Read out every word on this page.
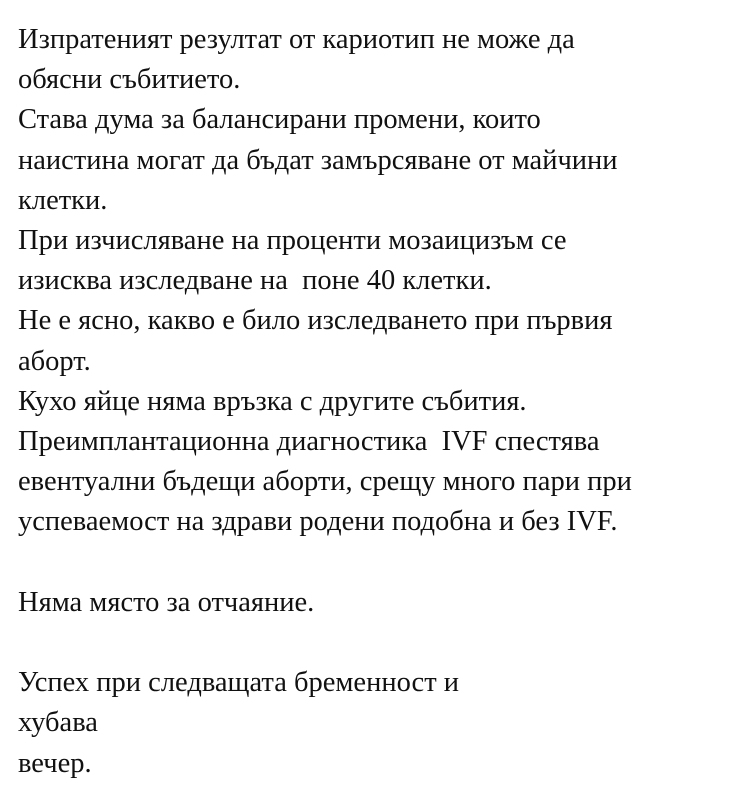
Изпратеният резултат от кариотип не може да
обясни събитието.
Става дума за балансирани промени, които
наистина могат да бъдат замърсяване от майчини
клетки.
При изчисляване на проценти мозаицизъм се
изисква изследване на  поне 40 клетки.
Не е ясно, какво е било изследването при първия
аборт.
Кухо яйце няма връзка с другите събития.
Преимплантационна диагностика  IVF спестява
евентуални бъдещи аборти, срещу много пари при
успеваемост на здрави родени подобна и без IVF.
Няма място за отчаяние.
Успех при следващата бременност и
хубава
вечер.
